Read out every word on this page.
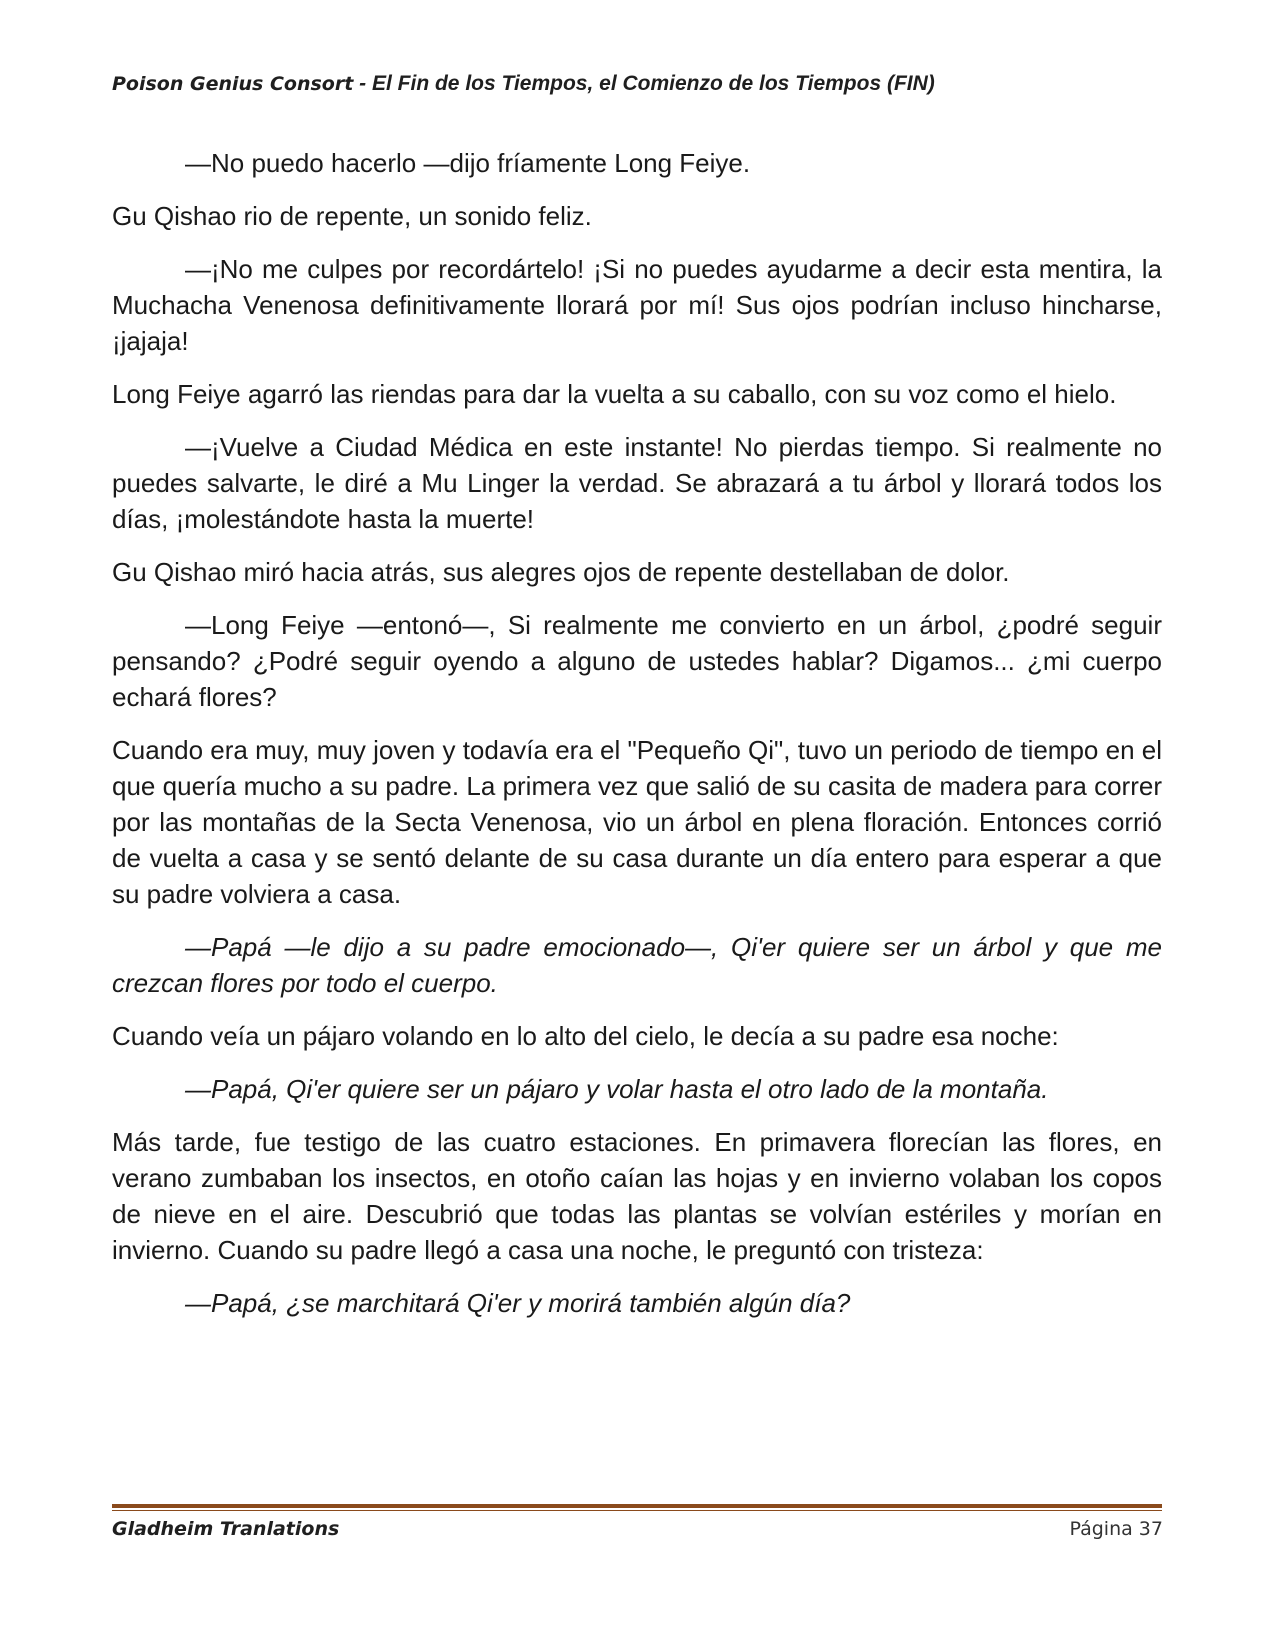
Poison Genius Consort - El Fin de los Tiempos, el Comienzo de los Tiempos (FIN)

—No puedo hacerlo —dijo fríamente Long Feiye.

Gu Qishao rio de repente, un sonido feliz.

—¡No me culpes por recordártelo! ¡Si no puedes ayudarme a decir esta mentira, la Muchacha Venenosa definitivamente llorará por mí! Sus ojos podrían incluso hincharse, ¡jajaja!

Long Feiye agarró las riendas para dar la vuelta a su caballo, con su voz como el hielo.

—¡Vuelve a Ciudad Médica en este instante! No pierdas tiempo. Si realmente no puedes salvarte, le diré a Mu Linger la verdad. Se abrazará a tu árbol y llorará todos los días, ¡molestándote hasta la muerte!

Gu Qishao miró hacia atrás, sus alegres ojos de repente destellaban de dolor.

—Long Feiye —entonó—, Si realmente me convierto en un árbol, ¿podré seguir pensando? ¿Podré seguir oyendo a alguno de ustedes hablar? Digamos... ¿mi cuerpo echará flores?

Cuando era muy, muy joven y todavía era el "Pequeño Qi", tuvo un periodo de tiempo en el que quería mucho a su padre. La primera vez que salió de su casita de madera para correr por las montañas de la Secta Venenosa, vio un árbol en plena floración. Entonces corrió de vuelta a casa y se sentó delante de su casa durante un día entero para esperar a que su padre volviera a casa.

—Papá —le dijo a su padre emocionado—, Qi'er quiere ser un árbol y que me crezcan flores por todo el cuerpo.

Cuando veía un pájaro volando en lo alto del cielo, le decía a su padre esa noche:

—Papá, Qi'er quiere ser un pájaro y volar hasta el otro lado de la montaña.

Más tarde, fue testigo de las cuatro estaciones. En primavera florecían las flores, en verano zumbaban los insectos, en otoño caían las hojas y en invierno volaban los copos de nieve en el aire. Descubrió que todas las plantas se volvían estériles y morían en invierno. Cuando su padre llegó a casa una noche, le preguntó con tristeza:

—Papá, ¿se marchitará Qi'er y morirá también algún día?

Gladheim Tranlations	Página 37
